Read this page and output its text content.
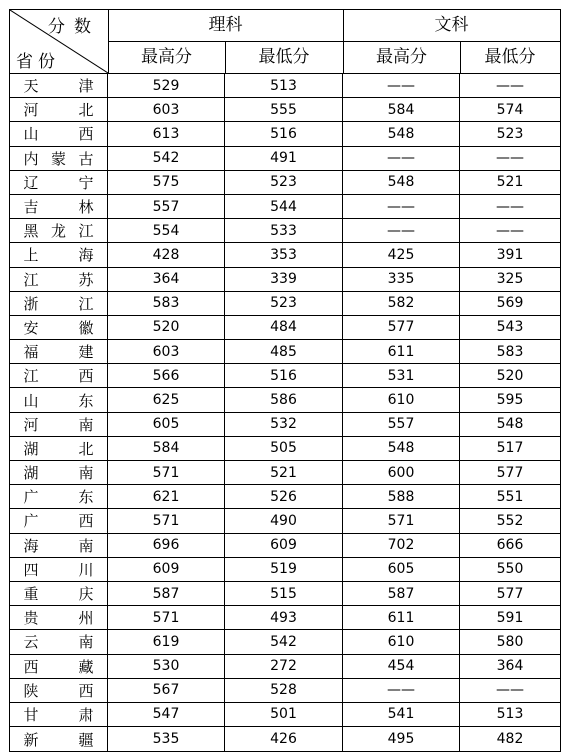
分数
省份
理科	文科
最高分	最低分	最高分	最低分
天	津	529	513	——	——
河	北	603	555	584	574
山	西	613	516	548	523
内 蒙 古	542	491	——	——
辽	宁	575	523	548	521
吉	林	557	544	——	——
黑 龙 江	554	533	——	——
上	海	428	353	425	391
江	苏	364	339	335	325
浙	江	583	523	582	569
安	徽	520	484	577	543
福	建	603	485	611	583
江	西	566	516	531	520
山	东	625	586	610	595
河	南	605	532	557	548
湖	北	584	505	548	517
湖	南	571	521	600	577
广	东	621	526	588	551
广	西	571	490	571	552
海	南	696	609	702	666
四	川	609	519	605	550
重	庆	587	515	587	577
贵	州	571	493	611	591
云	南	619	542	610	580
西	藏	530	272	454	364
陕	西	567	528	——	——
甘	肃	547	501	541	513
新	疆	535	426	495	482
